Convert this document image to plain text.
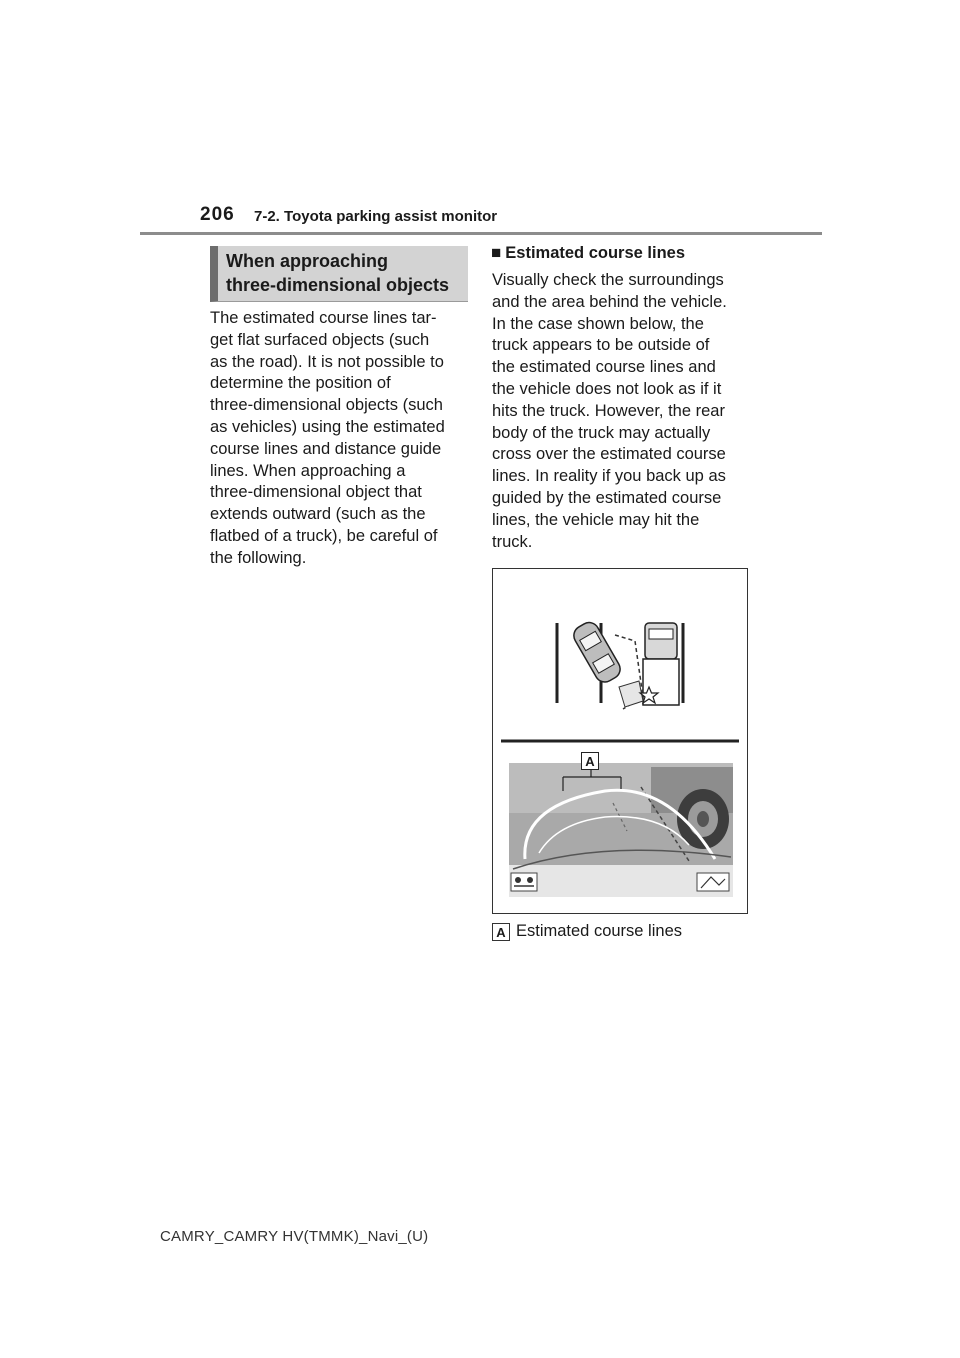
206 7-2. Toyota parking assist monitor
When approaching
three-dimensional objects
The estimated course lines tar-
get flat surfaced objects (such
as the road). It is not possible to
determine the position of
three-dimensional objects (such
as vehicles) using the estimated
course lines and distance guide
lines. When approaching a
three-dimensional object that
extends outward (such as the
flatbed of a truck), be careful of
the following.
■ Estimated course lines
Visually check the surroundings
and the area behind the vehicle.
In the case shown below, the
truck appears to be outside of
the estimated course lines and
the vehicle does not look as if it
hits the truck. However, the rear
body of the truck may actually
cross over the estimated course
lines. In reality if you back up as
guided by the estimated course
lines, the vehicle may hit the
truck.
A
A Estimated course lines
CAMRY_CAMRY HV(TMMK)_Navi_(U)
